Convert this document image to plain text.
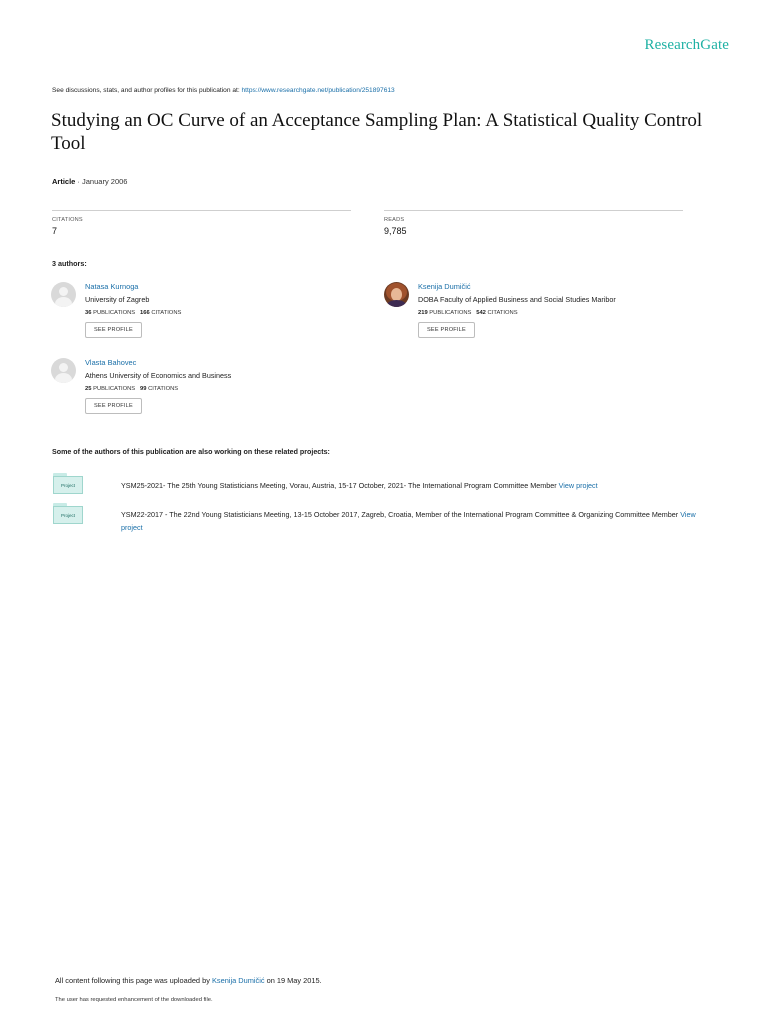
ResearchGate
See discussions, stats, and author profiles for this publication at: https://www.researchgate.net/publication/251897613
Studying an OC Curve of an Acceptance Sampling Plan: A Statistical Quality Control Tool
Article · January 2006
CITATIONS
7
READS
9,785
3 authors:
Natasa Kurnoga
University of Zagreb
36 PUBLICATIONS 166 CITATIONS
SEE PROFILE
Ksenija Dumičić
DOBA Faculty of Applied Business and Social Studies Maribor
219 PUBLICATIONS 542 CITATIONS
SEE PROFILE
Vlasta Bahovec
Athens University of Economics and Business
25 PUBLICATIONS 99 CITATIONS
SEE PROFILE
Some of the authors of this publication are also working on these related projects:
Project	YSM25-2021- The 25th Young Statisticians Meeting, Vorau, Austria, 15-17 October, 2021- The International Program Committee Member View project
Project	YSM22-2017 - The 22nd Young Statisticians Meeting, 13-15 October 2017, Zagreb, Croatia, Member of the International Program Committee & Organizing Committee Member View project
All content following this page was uploaded by Ksenija Dumičić on 19 May 2015.
The user has requested enhancement of the downloaded file.
